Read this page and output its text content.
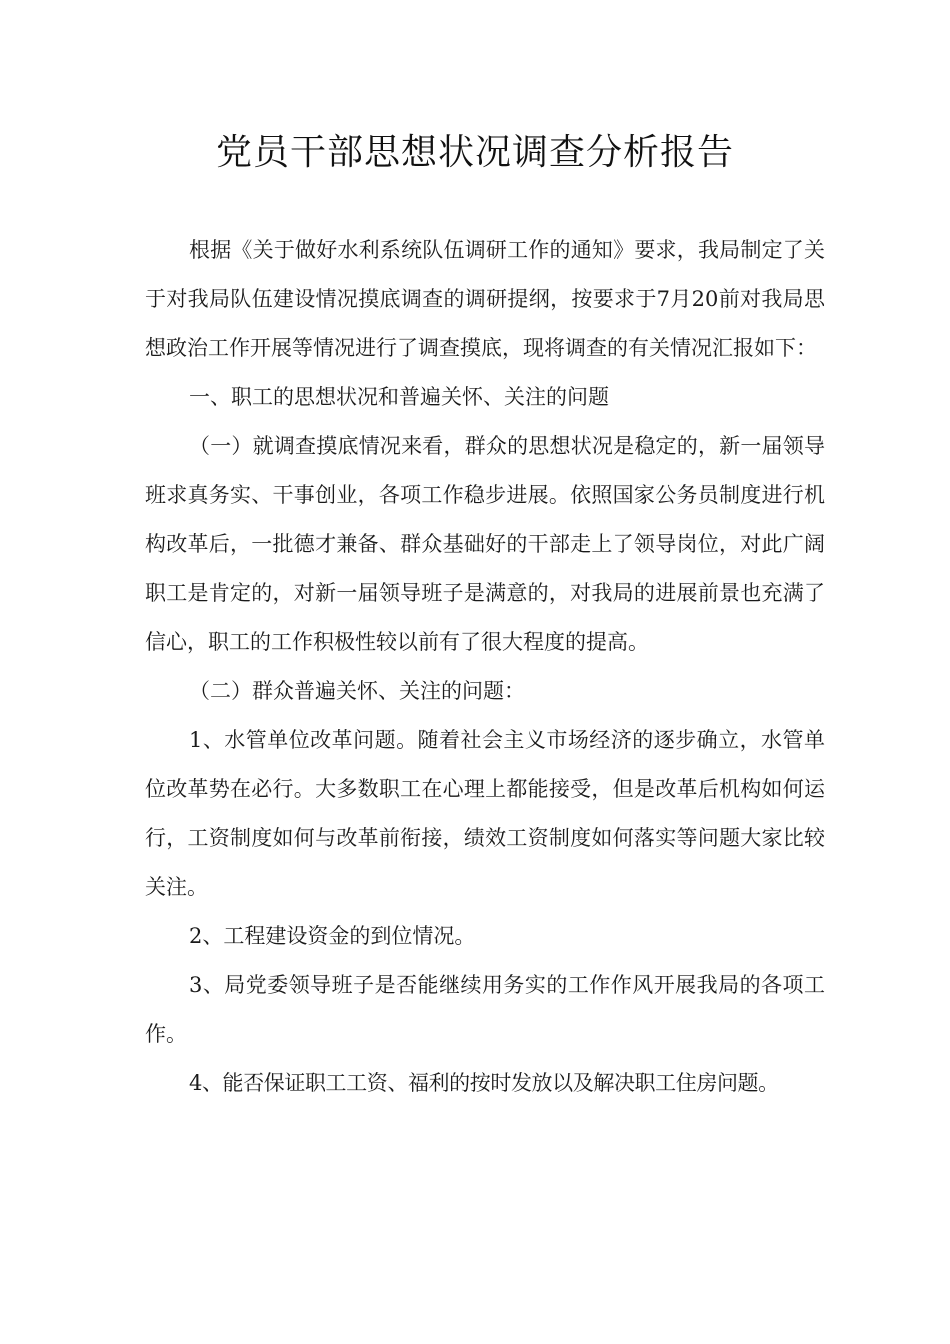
党员干部思想状况调查分析报告

根据《关于做好水利系统队伍调研工作的通知》要求，我局制定了关于对我局队伍建设情况摸底调查的调研提纲，按要求于7月20前对我局思想政治工作开展等情况进行了调查摸底，现将调查的有关情况汇报如下：

一、职工的思想状况和普遍关怀、关注的问题

（一）就调查摸底情况来看，群众的思想状况是稳定的，新一届领导班求真务实、干事创业，各项工作稳步进展。依照国家公务员制度进行机构改革后，一批德才兼备、群众基础好的干部走上了领导岗位，对此广阔职工是肯定的，对新一届领导班子是满意的，对我局的进展前景也充满了信心，职工的工作积极性较以前有了很大程度的提高。

（二）群众普遍关怀、关注的问题：

1、水管单位改革问题。随着社会主义市场经济的逐步确立，水管单位改革势在必行。大多数职工在心理上都能接受，但是改革后机构如何运行，工资制度如何与改革前衔接，绩效工资制度如何落实等问题大家比较关注。

2、工程建设资金的到位情况。

3、局党委领导班子是否能继续用务实的工作作风开展我局的各项工作。

4、能否保证职工工资、福利的按时发放以及解决职工住房问题。
